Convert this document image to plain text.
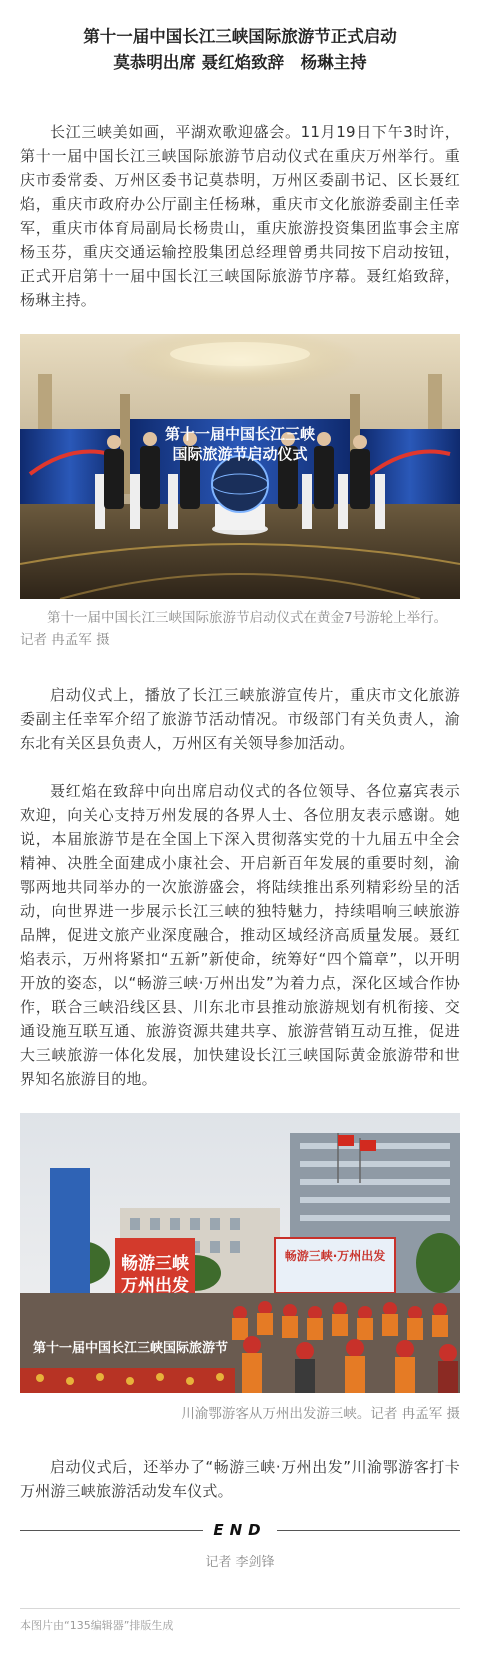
第十一届中国长江三峡国际旅游节正式启动
莫恭明出席 聂红焰致辞　杨琳主持

长江三峡美如画，平湖欢歌迎盛会。11月19日下午3时许，第十一届中国长江三峡国际旅游节启动仪式在重庆万州举行。重庆市委常委、万州区委书记莫恭明，万州区委副书记、区长聂红焰，重庆市政府办公厅副主任杨琳，重庆市文化旅游委副主任幸军，重庆市体育局副局长杨贵山，重庆旅游投资集团监事会主席杨玉芬，重庆交通运输控股集团总经理曾勇共同按下启动按钮，正式开启第十一届中国长江三峡国际旅游节序幕。聂红焰致辞，杨琳主持。

第十一届中国长江三峡
国际旅游节启动仪式

第十一届中国长江三峡国际旅游节启动仪式在黄金7号游轮上举行。记者 冉孟军 摄

启动仪式上，播放了长江三峡旅游宣传片，重庆市文化旅游委副主任幸军介绍了旅游节活动情况。市级部门有关负责人，渝东北有关区县负责人，万州区有关领导参加活动。

聂红焰在致辞中向出席启动仪式的各位领导、各位嘉宾表示欢迎，向关心支持万州发展的各界人士、各位朋友表示感谢。她说，本届旅游节是在全国上下深入贯彻落实党的十九届五中全会精神、决胜全面建成小康社会、开启新百年发展的重要时刻，渝鄂两地共同举办的一次旅游盛会，将陆续推出系列精彩纷呈的活动，向世界进一步展示长江三峡的独特魅力，持续唱响三峡旅游品牌，促进文旅产业深度融合，推动区域经济高质量发展。聂红焰表示，万州将紧扣“五新”新使命，统筹好“四个篇章”，以开明开放的姿态，以“畅游三峡·万州出发”为着力点，深化区域合作协作，联合三峡沿线区县、川东北市县推动旅游规划有机衔接、交通设施互联互通、旅游资源共建共享、旅游营销互动互推，促进大三峡旅游一体化发展，加快建设长江三峡国际黄金旅游带和世界知名旅游目的地。

第十一届中国长江三峡国际旅游节
畅游三峡 万州出发
畅游三峡·万州出发

川渝鄂游客从万州出发游三峡。记者 冉孟军 摄

启动仪式后，还举办了“畅游三峡·万州出发”川渝鄂游客打卡万州游三峡旅游活动发车仪式。

END
记者 李剑锋
本图片由“135编辑器”排版生成
